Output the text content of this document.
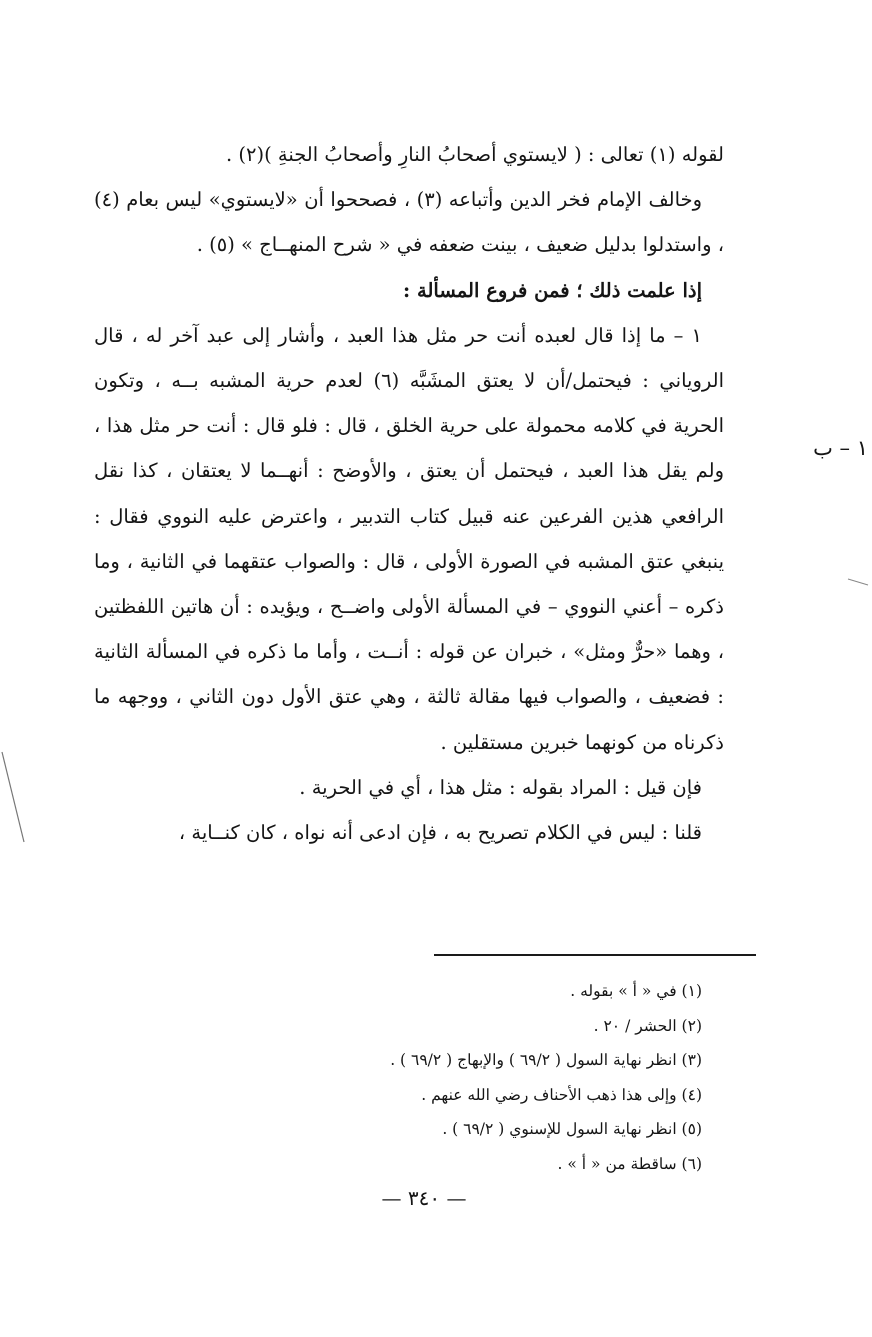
لقوله (١) تعالى : ( لايستوي أصحابُ النارِ وأصحابُ الجنةِ )(٢) .

وخالف الإمام فخر الدين وأتباعه (٣) ، فصححوا أن «لايستوي» ليس بعام (٤) ، واستدلوا بدليل ضعيف ، بينت ضعفه في « شرح المنهــاج » (٥) .

إذا علمت ذلك ؛ فمن فروع المسألة :

١ – ما إذا قال لعبده أنت حر مثل هذا العبد ، وأشار إلى عبد آخر له ، قال الروياني : فيحتمل/أن لا يعتق المشَبَّه (٦) لعدم حرية المشبه بــه ، وتكون الحرية في كلامه محمولة على حرية الخلق ، قال : فلو قال : أنت حر مثل هذا ، ولم يقل هذا العبد ، فيحتمل أن يعتق ، والأوضح : أنهــما لا يعتقان ، كذا نقل الرافعي هذين الفرعين عنه قبيل كتاب التدبير ، واعترض عليه النووي فقال : ينبغي عتق المشبه في الصورة الأولى ، قال : والصواب عتقهما في الثانية ، وما ذكره – أعني النووي – في المسألة الأولى واضــح ، ويؤيده : أن هاتين اللفظتين ، وهما «حرٌّ ومثل» ، خبران عن قوله : أنــت ، وأما ما ذكره في المسألة الثانية : فضعيف ، والصواب فيها مقالة ثالثة ، وهي عتق الأول دون الثاني ، ووجهه ما ذكرناه من كونهما خبرين مستقلين .

فإن قيل : المراد بقوله : مثل هذا ، أي في الحرية .

قلنا : ليس في الكلام تصريح به ، فإن ادعى أنه نواه ، كان كنــاية ،

١ – ب
(١) في « أ » بقوله .
(٢) الحشر / ٢٠ .
(٣) انظر نهاية السول ( ٦٩/٢ ) والإبهاج ( ٦٩/٢ ) .
(٤) وإلى هذا ذهب الأحناف رضي الله عنهم .
(٥) انظر نهاية السول للإسنوي ( ٦٩/٢ ) .
(٦) ساقطة من « أ » .
— ٣٤٠ —
